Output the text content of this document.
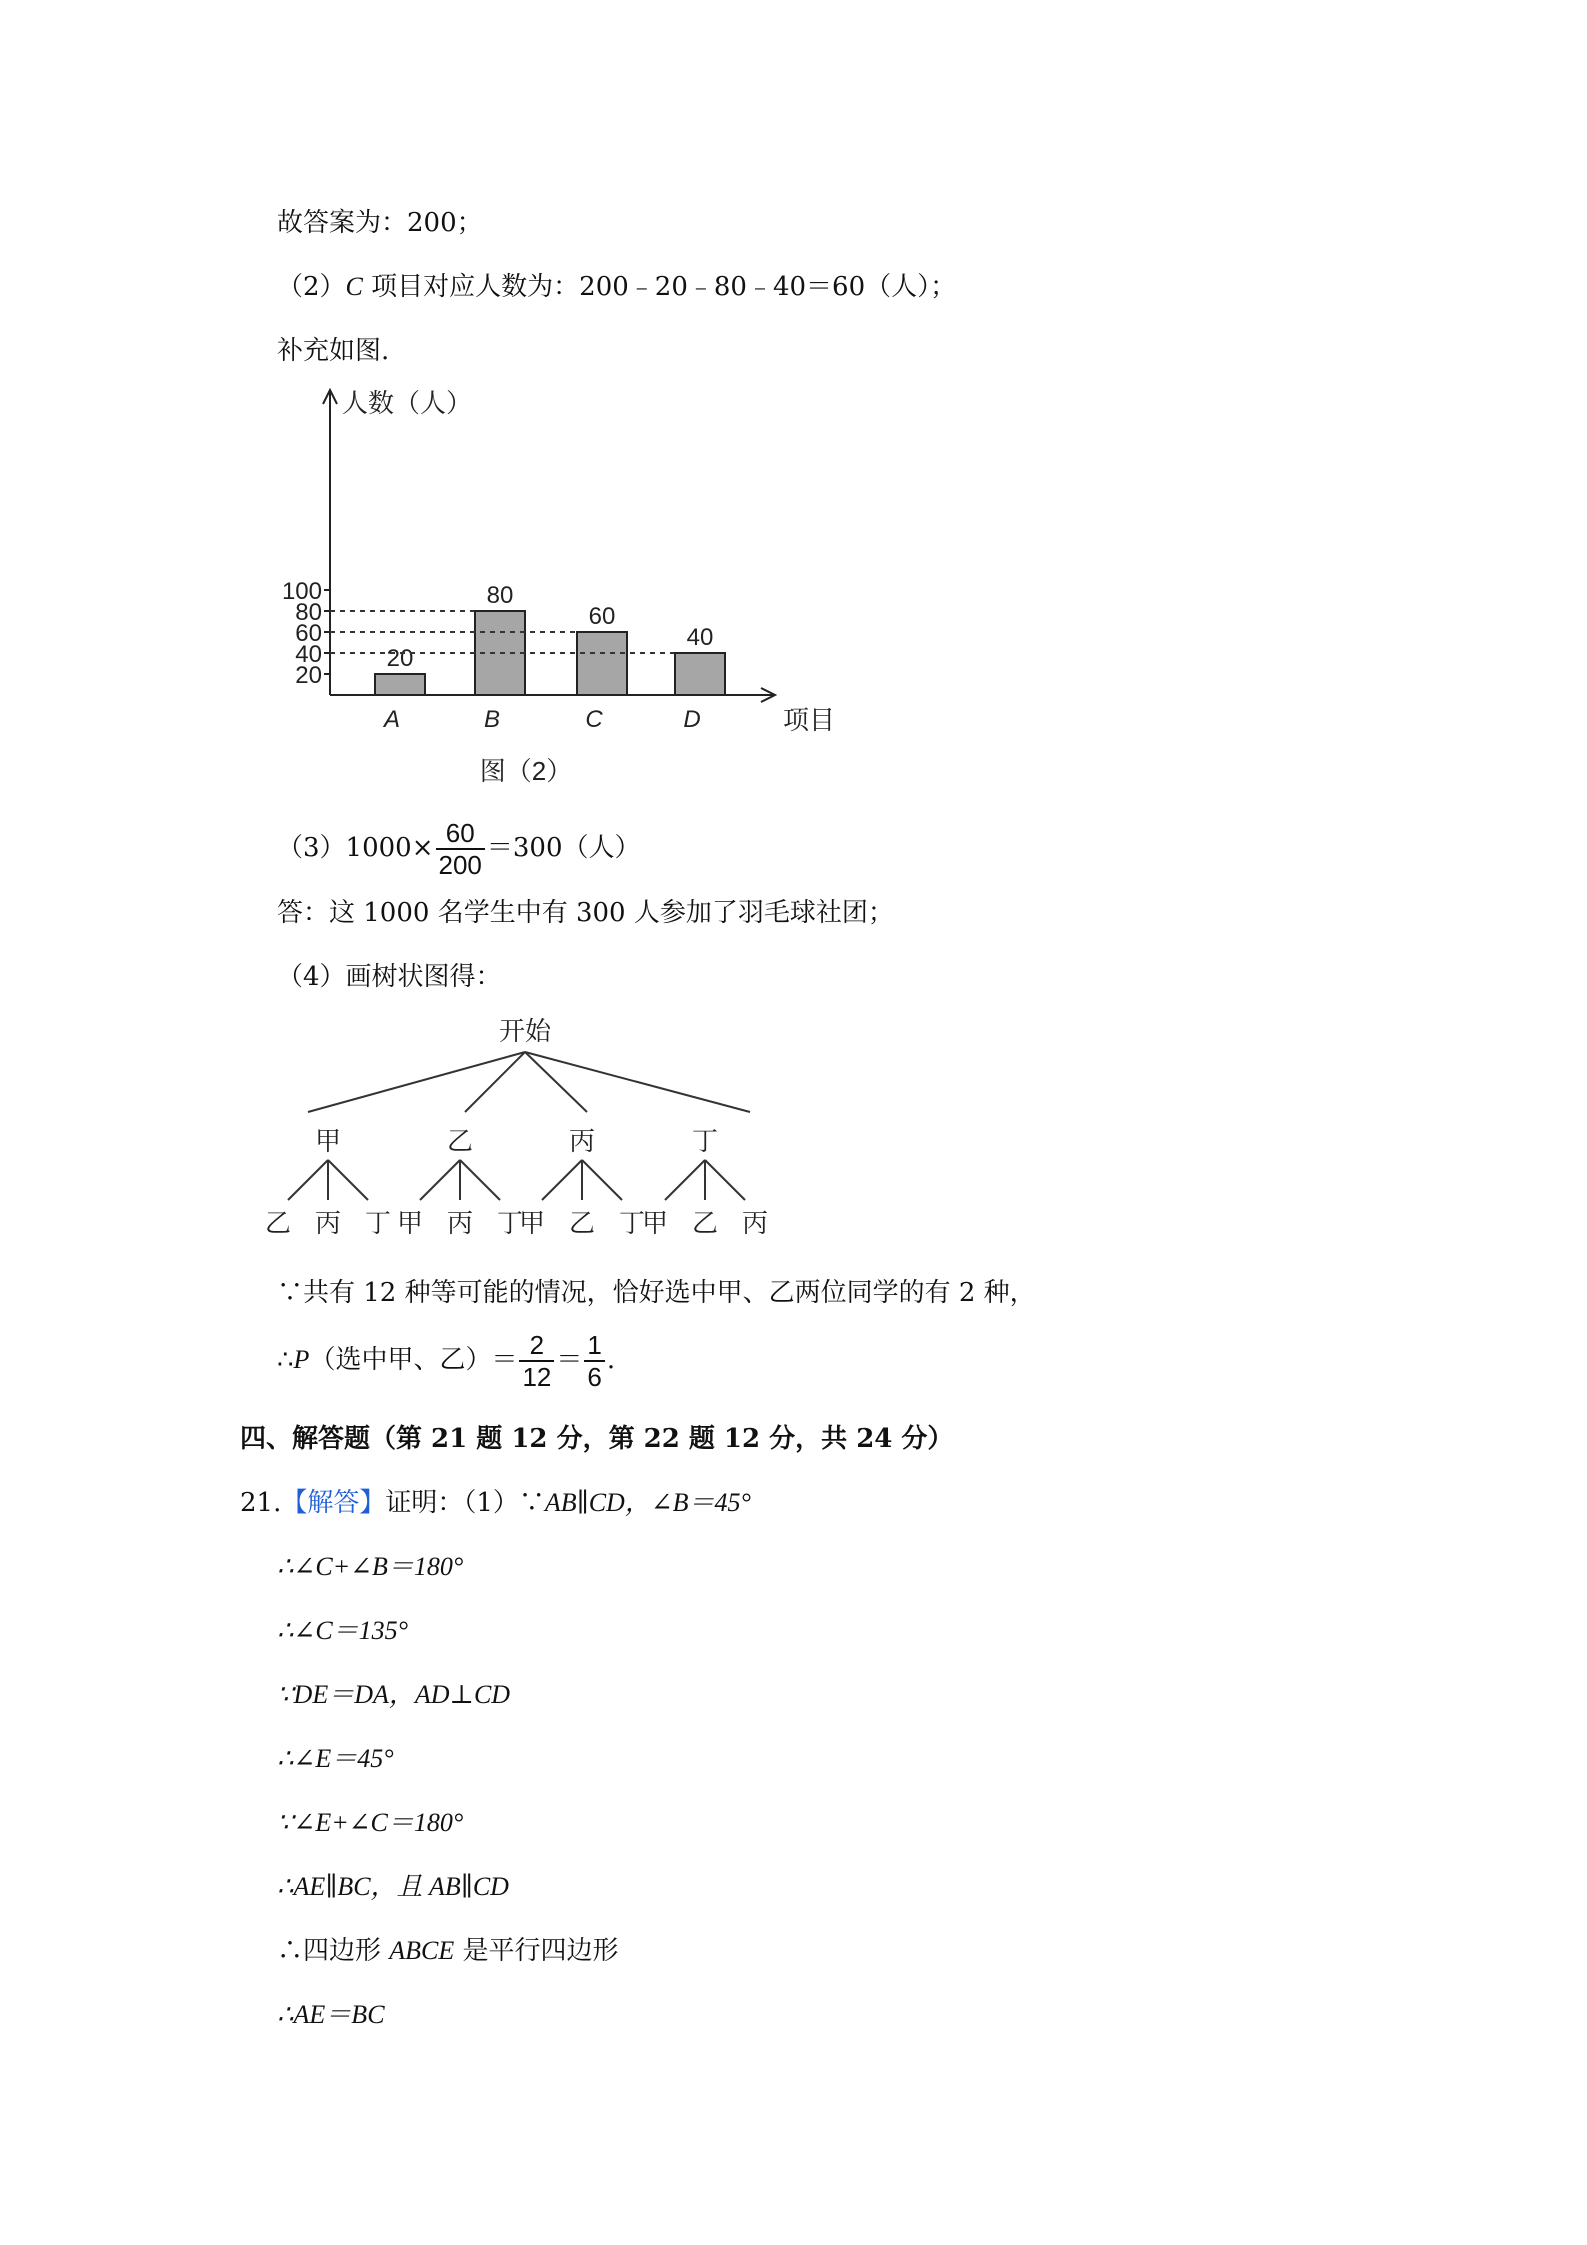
故答案为：200；
（2）C 项目对应人数为：200﹣20﹣80﹣40＝60（人）；
补充如图.
人数（人）
项目
20
40
60
80
100
20
A
80
B
60
C
40
D
图（2）
$(3)1000\times \frac{60}{200} =300$（人）
答：这 1000 名学生中有 300 人参加了羽毛球社团；
（4）画树状图得：
开始
甲
乙 丙 丁
乙
甲 丙 丁
丙
甲 乙 丁
丁
甲 乙 丙
∵共有 12 种等可能的情况，恰好选中甲、乙两位同学的有 2 种，
∴P（选中甲、乙）＝ $\frac{2}{12} = \frac{1}{6}$ .
四、解答题（第 21 题 12 分，第 22 题 12 分，共 24 分）
21.【解答】证明：（1）∵AB∥CD，∠B＝45°
∴∠C+∠B＝180°
∴∠C＝135°
∵DE＝DA，AD⊥CD
∴∠E＝45°
∵∠E+∠C＝180°
∴AE∥BC，且 AB∥CD
∴四边形 ABCE 是平行四边形
∴AE＝BC
